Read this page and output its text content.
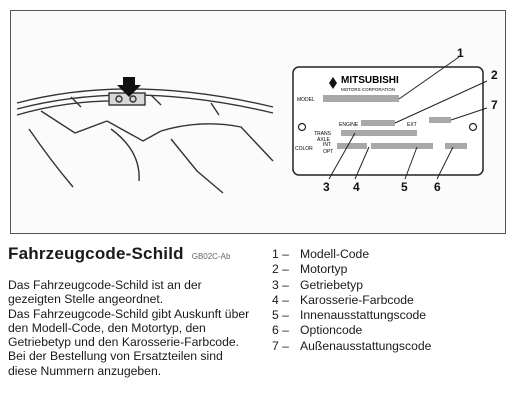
MITSUBISHI
MOTORS CORPORATION
MODEL
ENGINE	EXT
TRANS
AXLE
COLOR
INT
OPT
1
2
7
3 4	5 6
Fahrzeugcode-Schild GB02C-Ab

Das Fahrzeugcode-Schild ist an der gezeigten Stelle angeordnet.

Das Fahrzeugcode-Schild gibt Auskunft über den Modell-Code, den Motortyp, den Getriebetyp und den Karosserie-Farbcode.

Bei der Bestellung von Ersatzteilen sind diese Nummern anzugeben.

1 – Modell-Code
2 – Motortyp
3 – Getriebetyp
4 – Karosserie-Farbcode
5 – Innenausstattungscode
6 – Optioncode
7 – Außenausstattungscode
